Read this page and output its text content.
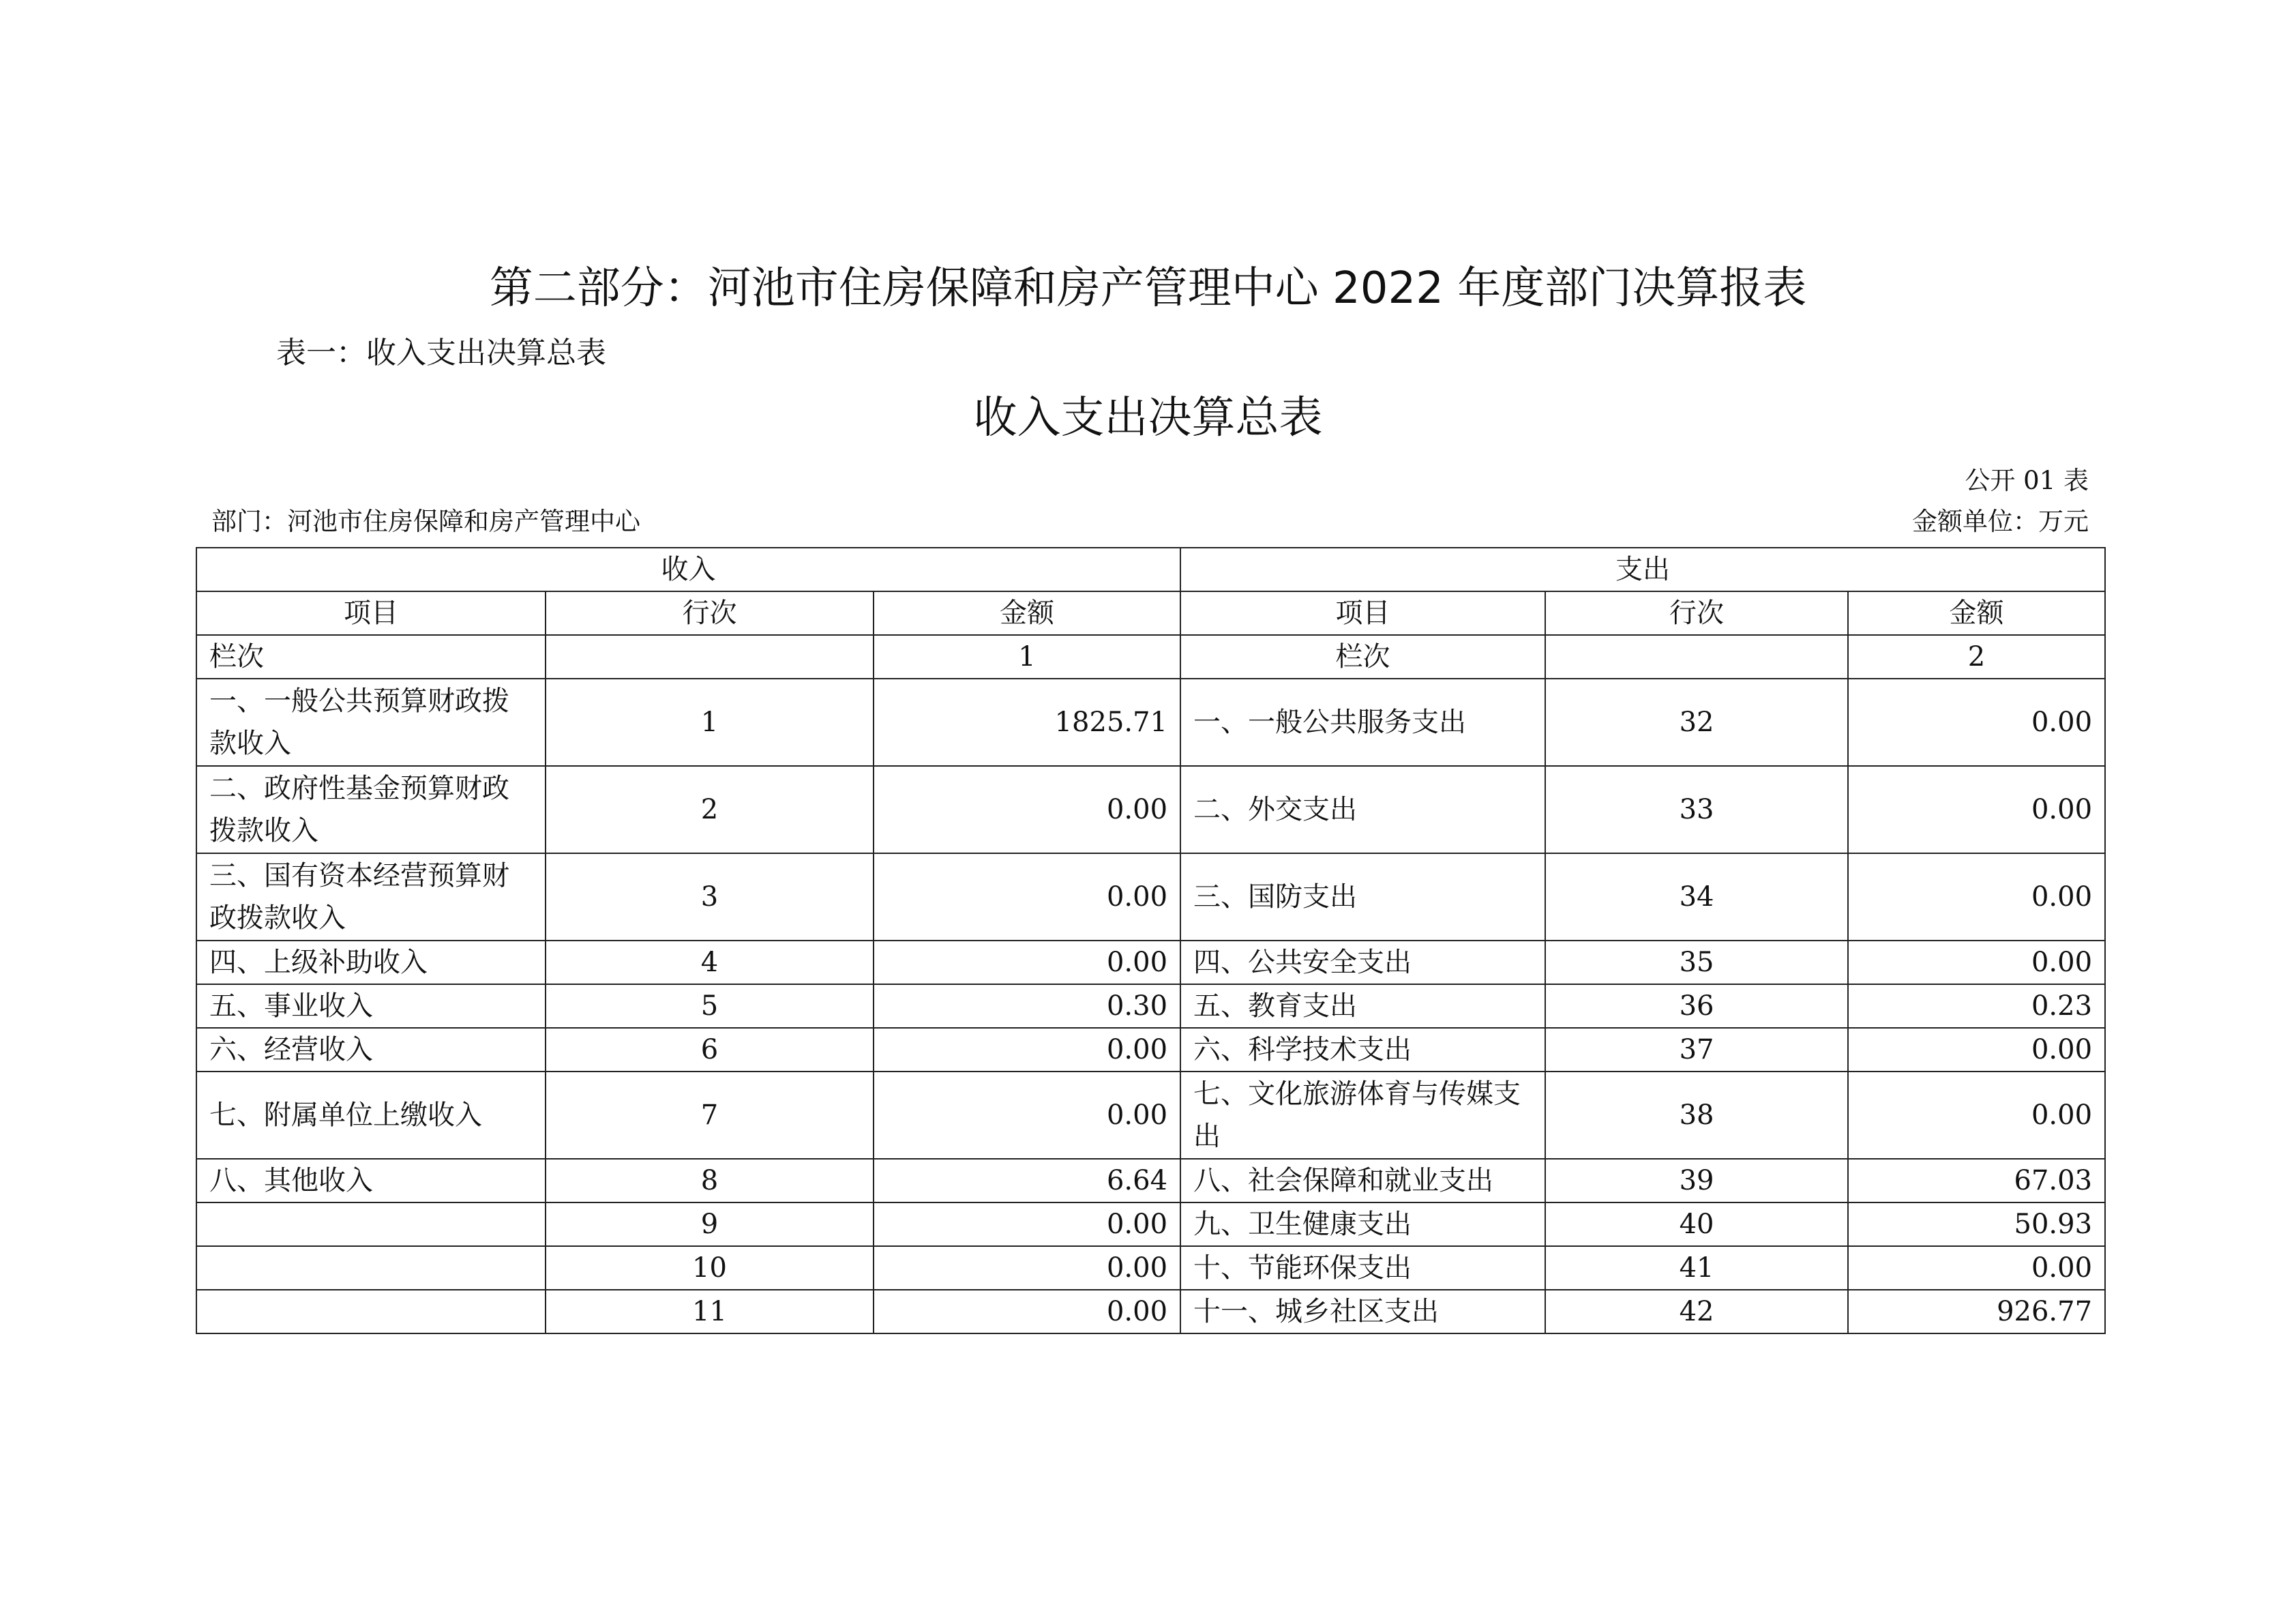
第二部分：河池市住房保障和房产管理中心 2022 年度部门决算报表
表一：收入支出决算总表
收入支出决算总表
公开 01 表
部门：河池市住房保障和房产管理中心	金额单位：万元
收入			支出		
项目	行次	金额	项目	行次	金额
栏次		1	栏次		2
一、一般公共预算财政拨款收入	1	1825.71	一、一般公共服务支出	32	0.00
二、政府性基金预算财政拨款收入	2	0.00	二、外交支出	33	0.00
三、国有资本经营预算财政拨款收入	3	0.00	三、国防支出	34	0.00
四、上级补助收入	4	0.00	四、公共安全支出	35	0.00
五、事业收入	5	0.30	五、教育支出	36	0.23
六、经营收入	6	0.00	六、科学技术支出	37	0.00
七、附属单位上缴收入	7	0.00	七、文化旅游体育与传媒支出	38	0.00
八、其他收入	8	6.64	八、社会保障和就业支出	39	67.03
	9	0.00	九、卫生健康支出	40	50.93
	10	0.00	十、节能环保支出	41	0.00
	11	0.00	十一、城乡社区支出	42	926.77
